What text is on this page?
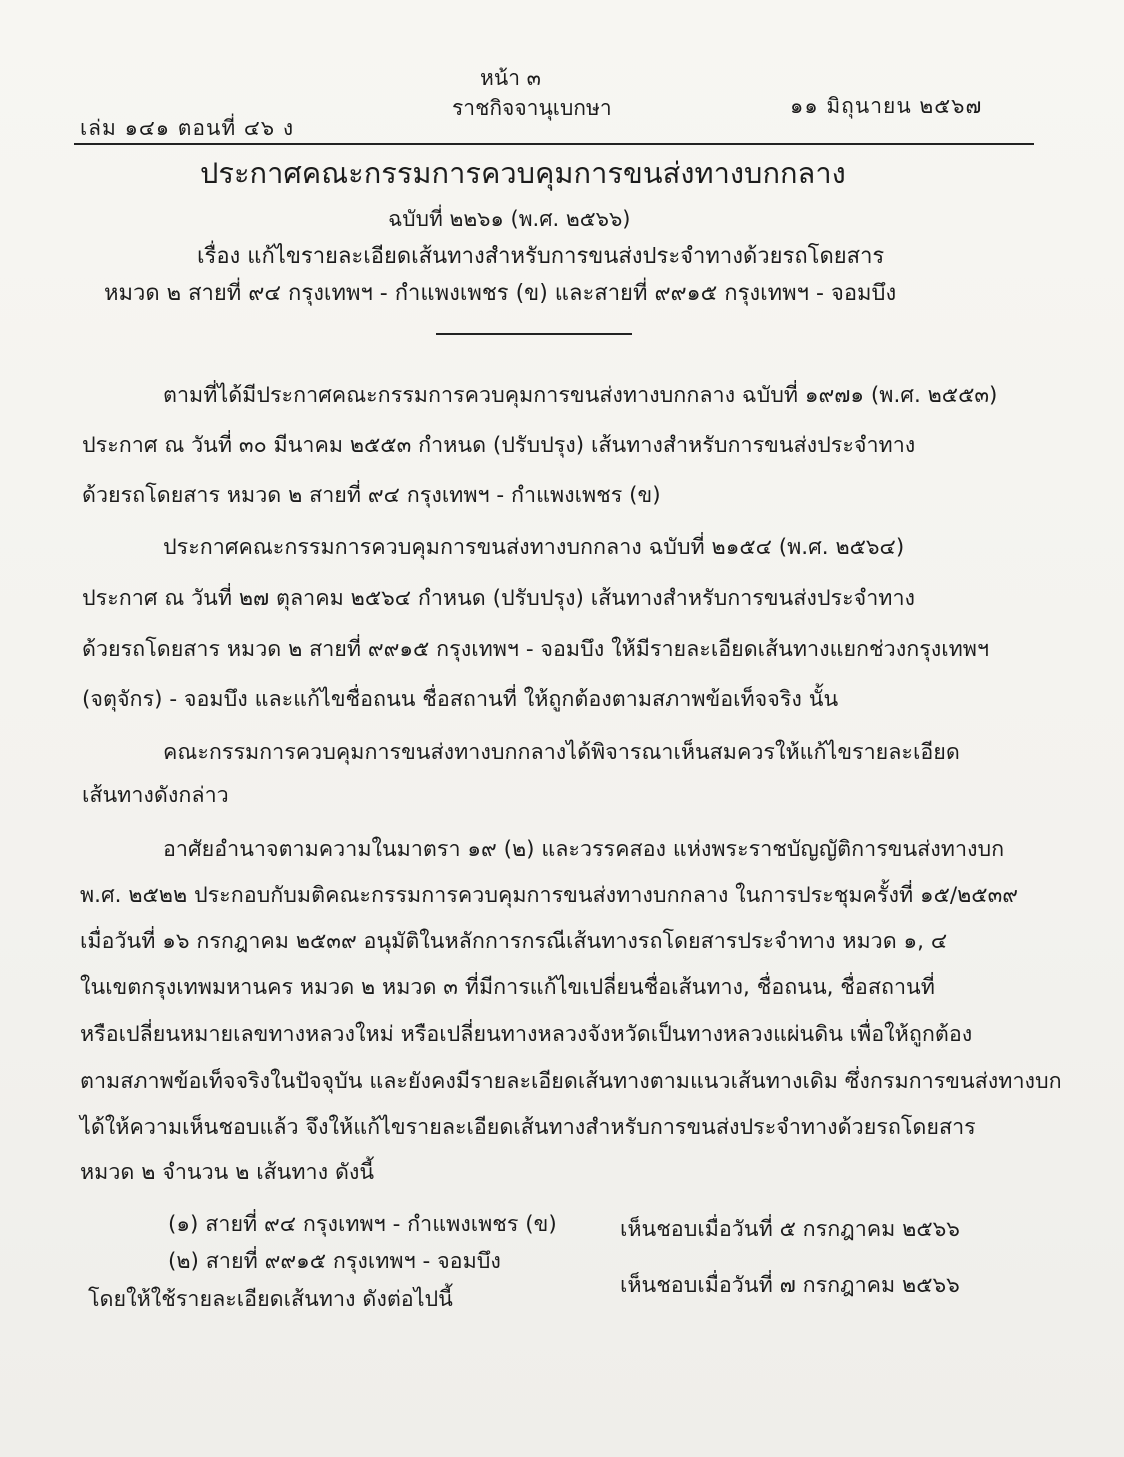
หน้า ๓
ราชกิจจานุเบกษา
เล่ม ๑๔๑ ตอนที่ ๔๖ ง
๑๑ มิถุนายน ๒๕๖๗
ประกาศคณะกรรมการควบคุมการขนส่งทางบกกลาง
ฉบับที่ ๒๒๖๑ (พ.ศ. ๒๕๖๖)
เรื่อง แก้ไขรายละเอียดเส้นทางสำหรับการขนส่งประจำทางด้วยรถโดยสาร
หมวด ๒ สายที่ ๙๔ กรุงเทพฯ - กำแพงเพชร (ข) และสายที่ ๙๙๑๕ กรุงเทพฯ - จอมบึง
ตามที่ได้มีประกาศคณะกรรมการควบคุมการขนส่งทางบกกลาง ฉบับที่ ๑๙๗๑ (พ.ศ. ๒๕๕๓)
ประกาศ ณ วันที่ ๓๐ มีนาคม ๒๕๕๓ กำหนด (ปรับปรุง) เส้นทางสำหรับการขนส่งประจำทาง
ด้วยรถโดยสาร หมวด ๒ สายที่ ๙๔ กรุงเทพฯ - กำแพงเพชร (ข)
ประกาศคณะกรรมการควบคุมการขนส่งทางบกกลาง ฉบับที่ ๒๑๕๔ (พ.ศ. ๒๕๖๔)
ประกาศ ณ วันที่ ๒๗ ตุลาคม ๒๕๖๔ กำหนด (ปรับปรุง) เส้นทางสำหรับการขนส่งประจำทาง
ด้วยรถโดยสาร หมวด ๒ สายที่ ๙๙๑๕ กรุงเทพฯ - จอมบึง ให้มีรายละเอียดเส้นทางแยกช่วงกรุงเทพฯ
(จตุจักร) - จอมบึง และแก้ไขชื่อถนน ชื่อสถานที่ ให้ถูกต้องตามสภาพข้อเท็จจริง นั้น
คณะกรรมการควบคุมการขนส่งทางบกกลางได้พิจารณาเห็นสมควรให้แก้ไขรายละเอียด
เส้นทางดังกล่าว
อาศัยอำนาจตามความในมาตรา ๑๙ (๒) และวรรคสอง แห่งพระราชบัญญัติการขนส่งทางบก
พ.ศ. ๒๕๒๒ ประกอบกับมติคณะกรรมการควบคุมการขนส่งทางบกกลาง ในการประชุมครั้งที่ ๑๕/๒๕๓๙
เมื่อวันที่ ๑๖ กรกฎาคม ๒๕๓๙ อนุมัติในหลักการกรณีเส้นทางรถโดยสารประจำทาง หมวด ๑, ๔
ในเขตกรุงเทพมหานคร หมวด ๒ หมวด ๓ ที่มีการแก้ไขเปลี่ยนชื่อเส้นทาง, ชื่อถนน, ชื่อสถานที่
หรือเปลี่ยนหมายเลขทางหลวงใหม่ หรือเปลี่ยนทางหลวงจังหวัดเป็นทางหลวงแผ่นดิน เพื่อให้ถูกต้อง
ตามสภาพข้อเท็จจริงในปัจจุบัน และยังคงมีรายละเอียดเส้นทางตามแนวเส้นทางเดิม ซึ่งกรมการขนส่งทางบก
ได้ให้ความเห็นชอบแล้ว จึงให้แก้ไขรายละเอียดเส้นทางสำหรับการขนส่งประจำทางด้วยรถโดยสาร
หมวด ๒ จำนวน ๒ เส้นทาง ดังนี้
(๑) สายที่ ๙๔ กรุงเทพฯ - กำแพงเพชร (ข)	เห็นชอบเมื่อวันที่ ๕ กรกฎาคม ๒๕๖๖
(๒) สายที่ ๙๙๑๕ กรุงเทพฯ - จอมบึง
เห็นชอบเมื่อวันที่ ๗ กรกฎาคม ๒๕๖๖
โดยให้ใช้รายละเอียดเส้นทาง ดังต่อไปนี้
